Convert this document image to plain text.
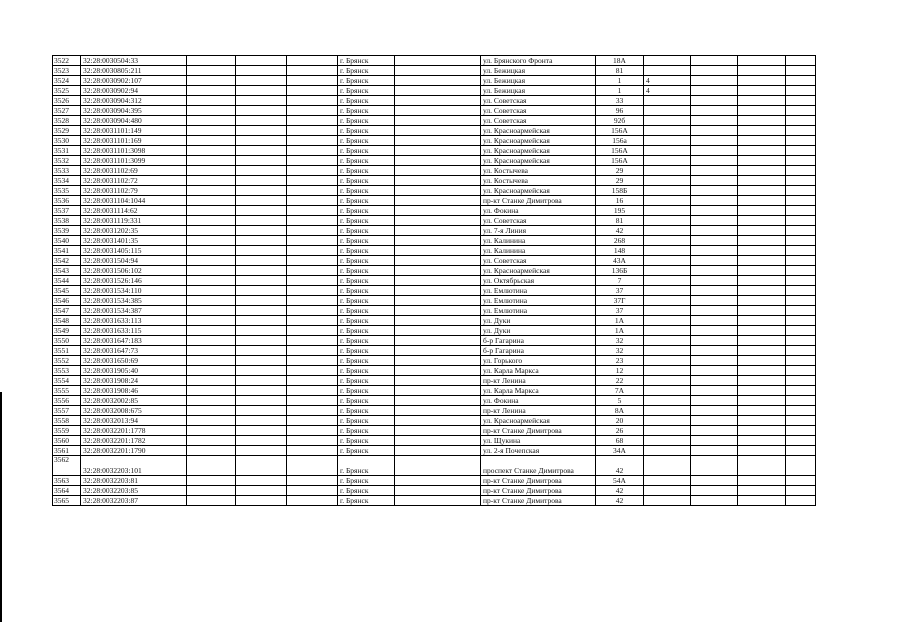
3522	32:28:0030504:33				г. Брянск		ул. Брянского Фронта	18А				
3523	32:28:0030805:211				г. Брянск		ул. Бежицкая	81				
3524	32:28:0030902:107				г. Брянск		ул. Бежицкая	1	4			
3525	32:28:0030902:94				г. Брянск		ул. Бежицкая	1	4			
3526	32:28:0030904:312				г. Брянск		ул. Советская	33				
3527	32:28:0030904:395				г. Брянск		ул. Советская	96				
3528	32:28:0030904:480				г. Брянск		ул. Советская	92б				
3529	32:28:0031101:149				г. Брянск		ул. Красноармейская	156А				
3530	32:28:0031101:169				г. Брянск		ул. Красноармейская	156а				
3531	32:28:0031101:3098				г. Брянск		ул. Красноармейская	156А				
3532	32:28:0031101:3099				г. Брянск		ул. Красноармейская	156А				
3533	32:28:0031102:69				г. Брянск		ул. Костычева	29				
3534	32:28:0031102:72				г. Брянск		ул. Костычева	29				
3535	32:28:0031102:79				г. Брянск		ул. Красноармейская	158Б				
3536	32:28:0031104:1044				г. Брянск		пр-кт Станке Димитрова	16				
3537	32:28:0031114:62				г. Брянск		ул. Фокина	195				
3538	32:28:0031119:331				г. Брянск		ул. Советская	81				
3539	32:28:0031202:35				г. Брянск		ул. 7-я Линия	42				
3540	32:28:0031401:35				г. Брянск		ул. Калинина	268				
3541	32:28:0031405:115				г. Брянск		ул. Калинина	148				
3542	32:28:0031504:94				г. Брянск		ул. Советская	43А				
3543	32:28:0031506:102				г. Брянск		ул. Красноармейская	136Б				
3544	32:28:0031526:146				г. Брянск		ул. Октябрьская	7				
3545	32:28:0031534:110				г. Брянск		ул. Емлютина	37				
3546	32:28:0031534:385				г. Брянск		ул. Емлютина	37Г				
3547	32:28:0031534:387				г. Брянск		ул. Емлютина	37				
3548	32:28:0031633:113				г. Брянск		ул. Дуки	1А				
3549	32:28:0031633:115				г. Брянск		ул. Дуки	1А				
3550	32:28:0031647:183				г. Брянск		б-р Гагарина	32				
3551	32:28:0031647:73				г. Брянск		б-р Гагарина	32				
3552	32:28:0031650:69				г. Брянск		ул. Горького	23				
3553	32:28:0031905:40				г. Брянск		ул. Карла Маркса	12				
3554	32:28:0031908:24				г. Брянск		пр-кт Ленина	22				
3555	32:28:0031908:46				г. Брянск		ул. Карла Маркса	7А				
3556	32:28:0032002:85				г. Брянск		ул. Фокина	5				
3557	32:28:0032008:675				г. Брянск		пр-кт Ленина	8А				
3558	32:28:0032013:94				г. Брянск		ул. Красноармейская	20				
3559	32:28:0032201:1778				г. Брянск		пр-кт Станке Димитрова	26				
3560	32:28:0032201:1782				г. Брянск		ул. Щукина	68				
3561	32:28:0032201:1790				г. Брянск		ул. 2-я Почепская	34А				
3562	32:28:0032203:101				г. Брянск		проспект Станке Димитрова	42				
3563	32:28:0032203:81				г. Брянск		пр-кт Станке Димитрова	54А				
3564	32:28:0032203:85				г. Брянск		пр-кт Станке Димитрова	42				
3565	32:28:0032203:87				г. Брянск		пр-кт Станке Димитрова	42				
